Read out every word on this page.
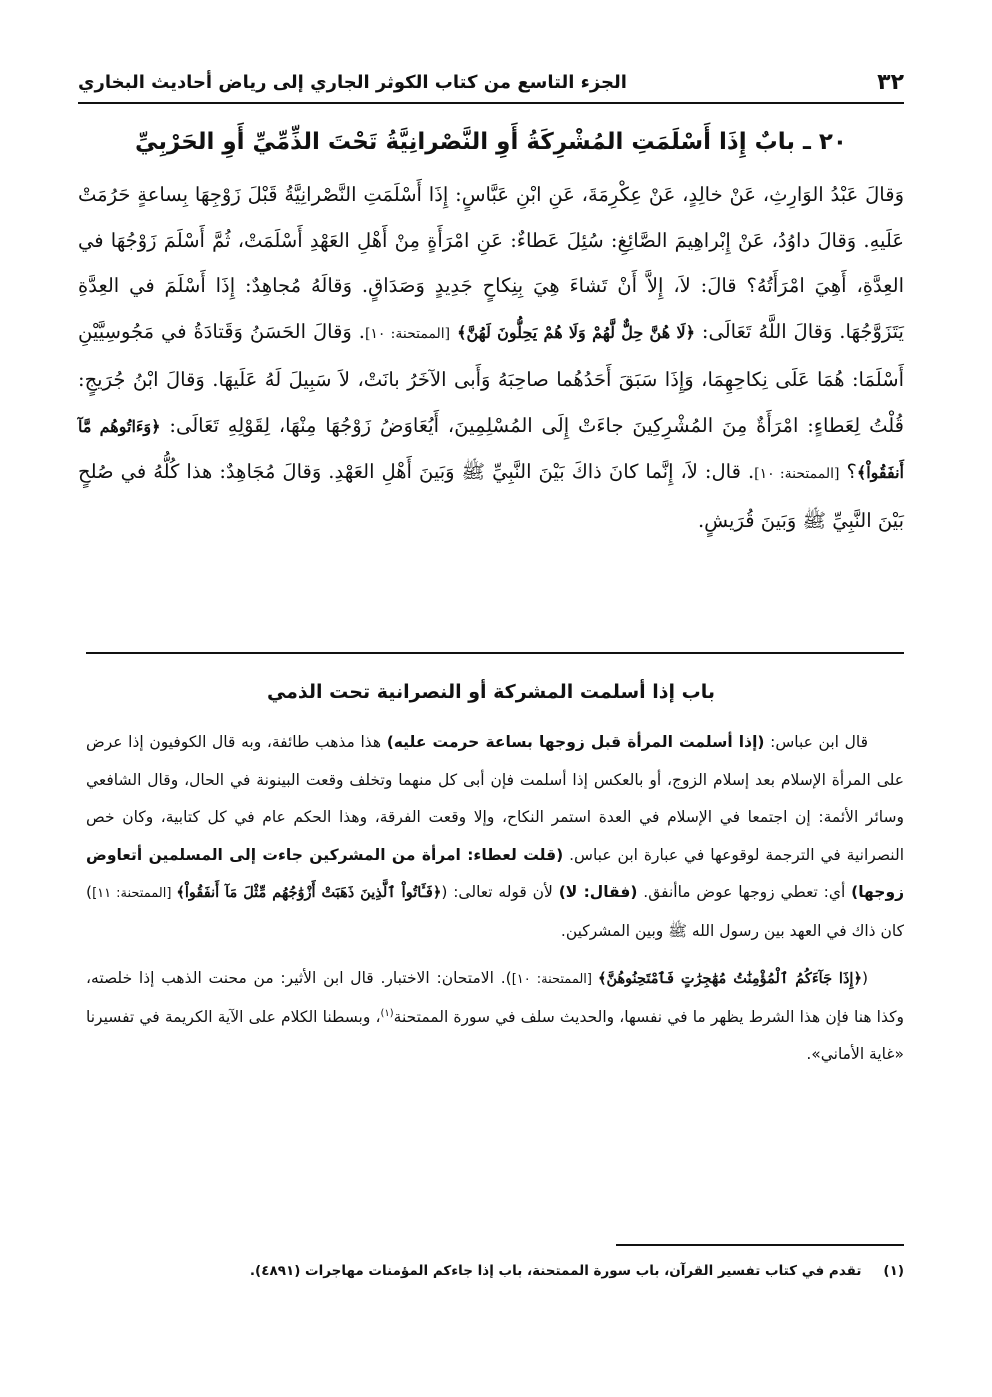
٣٢
الجزء التاسع من كتاب الكوثر الجاري إلى رياض أحاديث البخاري
٢٠ ـ بابٌ إِذَا أَسْلَمَتِ المُشْرِكَةُ أَوِ النَّصْرانِيَّةُ تَحْتَ الذِّمِّيِّ أَوِ الحَرْبِيِّ

وَقالَ عَبْدُ الوَارِثِ، عَنْ خالِدٍ، عَنْ عِكْرِمَةَ، عَنِ ابْنِ عَبَّاسٍ: إِذَا أَسْلَمَتِ النَّصْرانِيَّةُ قَبْلَ زَوْجِهَا بِساعةٍ حَرُمَتْ عَلَيهِ. وَقالَ داوُدُ، عَنْ إِبْراهِيمَ الصَّائِغِ: سُئِلَ عَطاءٌ: عَنِ امْرَأَةٍ مِنْ أَهْلِ العَهْدِ أَسْلَمَتْ، ثُمَّ أَسْلَمَ زَوْجُهَا في العِدَّةِ، أَهِيَ امْرَأَتُهُ؟ قالَ: لاَ، إِلاَّ أَنْ تَشاءَ هِيَ بِنِكاحٍ جَدِيدٍ وَصَدَاقٍ. وَقالَهُ مُجاهِدٌ: إِذَا أَسْلَمَ في العِدَّةِ يَتَزَوَّجُهَا. وَقالَ اللَّهُ تَعَالَى: ﴿لَا هُنَّ حِلٌّ لَّهُمْ وَلَا هُمْ يَحِلُّونَ لَهُنَّ﴾ [الممتحنة: ١٠]. وَقالَ الحَسَنُ وَقَتادَةُ في مَجُوسِيَّيْنِ أَسْلَمَا: هُمَا عَلَى نِكاحِهِمَا، وَإِذَا سَبَقَ أَحَدُهُما صاحِبَهُ وَأَبى الآخَرُ بانَتْ، لاَ سَبِيلَ لَهُ عَلَيهَا. وَقالَ ابْنُ جُرَيجٍ: قُلْتُ لِعَطاءٍ: امْرَأَةٌ مِنَ المُشْرِكِينَ جاءَتْ إِلَى المُسْلِمِينَ، أَيُعَاوَضُ زَوْجُهَا مِنْهَا، لِقَوْلِهِ تَعَالَى: ﴿وَءَاتُوهُم مَّآ أَنفَقُواْ﴾؟ [الممتحنة: ١٠]. قال: لاَ، إِنَّما كانَ ذاكَ بَيْنَ النَّبِيِّ ﷺ وَبَينَ أَهْلِ العَهْدِ. وَقالَ مُجَاهِدٌ: هذا كُلُّهُ في صُلحٍ بَيْنَ النَّبِيِّ ﷺ وَبَينَ قُرَيشٍ.

باب إذا أسلمت المشركة أو النصرانية تحت الذمي

قال ابن عباس: (إذا أسلمت المرأة قبل زوجها بساعة حرمت عليه) هذا مذهب طائفة، وبه قال الكوفيون إذا عرض على المرأة الإسلام بعد إسلام الزوج، أو بالعكس إذا أسلمت فإن أبى كل منهما وتخلف وقعت البينونة في الحال، وقال الشافعي وسائر الأئمة: إن اجتمعا في الإسلام في العدة استمر النكاح، وإلا وقعت الفرقة، وهذا الحكم عام في كل كتابية، وكان خص النصرانية في الترجمة لوقوعها في عبارة ابن عباس. (قلت لعطاء: امرأة من المشركين جاءت إلى المسلمين أتعاوض زوجها) أي: تعطي زوجها عوض ماأنفق. (فقال: لا) لأن قوله تعالى: (﴿فَـَٔاتُواْ ٱلَّذِينَ ذَهَبَتْ أَزْوَٰجُهُم مِّثْلَ مَآ أَنفَقُواْ﴾ [الممتحنة: ١١]) كان ذاك في العهد بين رسول الله ﷺ وبين المشركين.

(﴿إِذَا جَآءَكُمُ ٱلْمُؤْمِنَٰتُ مُهَٰجِرَٰتٍ فَٱمْتَحِنُوهُنَّ﴾ [الممتحنة: ١٠]). الامتحان: الاختبار. قال ابن الأثير: من محنت الذهب إذا خلصته، وكذا هنا فإن هذا الشرط يظهر ما في نفسها، والحديث سلف في سورة الممتحنة$^{(١)}$، وبسطنا الكلام على الآية الكريمة في تفسيرنا «غاية الأماني».

(١)
تقدم في كتاب تفسير القرآن، باب سورة الممتحنة، باب إذا جاءكم المؤمنات مهاجرات (٤٨٩١).
